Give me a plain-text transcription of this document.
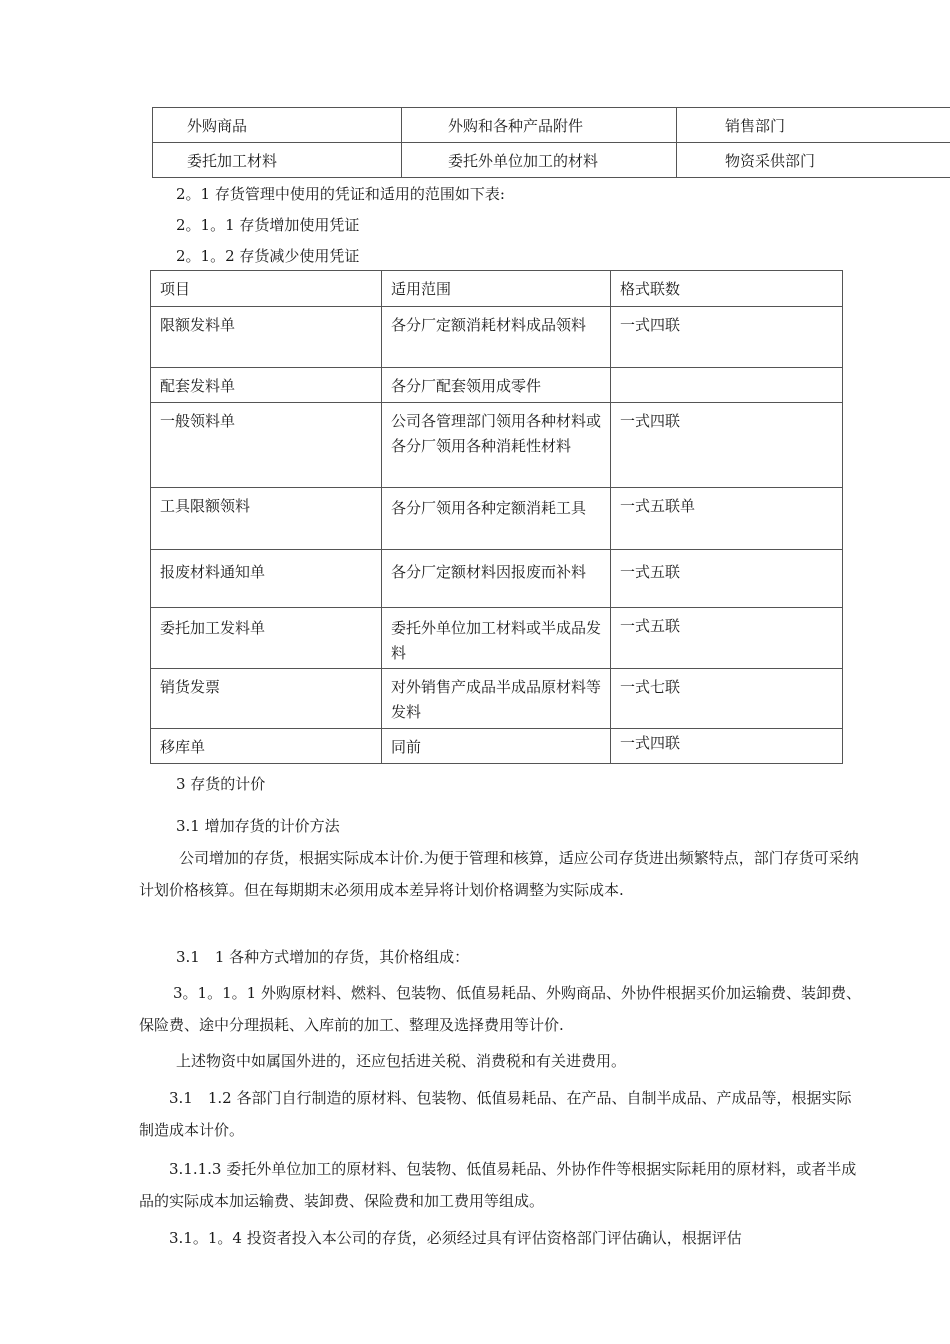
外购商品	外购和各种产品附件	销售部门
委托加工材料	委托外单位加工的材料	物资采供部门
2。1 存货管理中使用的凭证和适用的范围如下表:
2。1。1 存货增加使用凭证
2。1。2 存货减少使用凭证
项目	适用范围	格式联数
限额发料单	各分厂定额消耗材料成品领料	一式四联
配套发料单	各分厂配套领用成零件	
一般领料单	公司各管理部门领用各种材料或各分厂领用各种消耗性材料	一式四联
工具限额领料	各分厂领用各种定额消耗工具	一式五联单
报废材料通知单	各分厂定额材料因报废而补料	一式五联
委托加工发料单	委托外单位加工材料或半成品发料	一式五联
销货发票	对外销售产成品半成品原材料等发料	一式七联
移库单	同前	一式四联
3 存货的计价
3.1 增加存货的计价方法
公司增加的存货，根据实际成本计价.为便于管理和核算，适应公司存货进出频繁特点，部门存货可采纳计划价格核算。但在每期期末必须用成本差异将计划价格调整为实际成本.
3.1　1 各种方式增加的存货，其价格组成：
3。1。1。1 外购原材料、燃料、包装物、低值易耗品、外购商品、外协件根据买价加运输费、装卸费、保险费、途中分理损耗、入库前的加工、整理及选择费用等计价.
上述物资中如属国外进的，还应包括进关税、消费税和有关进费用。
3.1　1.2 各部门自行制造的原材料、包装物、低值易耗品、在产品、自制半成品、产成品等，根据实际制造成本计价。
3.1.1.3 委托外单位加工的原材料、包装物、低值易耗品、外协作件等根据实际耗用的原材料，或者半成品的实际成本加运输费、装卸费、保险费和加工费用等组成。
3.1。1。4 投资者投入本公司的存货，必须经过具有评估资格部门评估确认，根据评估
